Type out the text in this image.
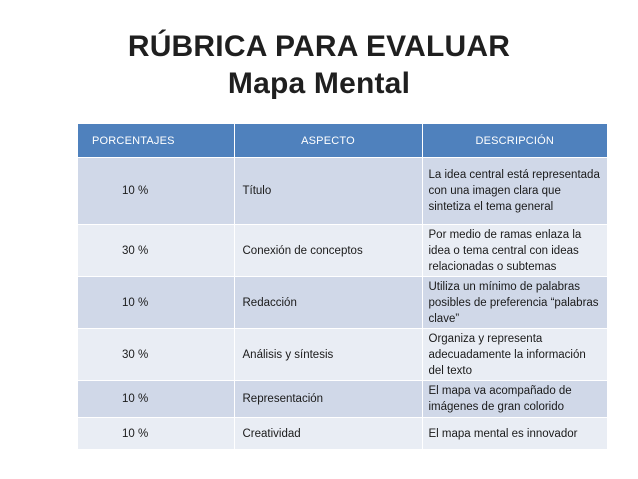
RÚBRICA PARA EVALUAR
Mapa Mental
PORCENTAJES	ASPECTO	DESCRIPCIÓN
10 %	Título	La idea central está representada con una imagen clara que sintetiza el tema general
30 %	Conexión de conceptos	Por medio de ramas enlaza la idea o tema central con ideas relacionadas o subtemas
10 %	Redacción	Utiliza un mínimo de palabras posibles de preferencia “palabras clave”
30 %	Análisis y síntesis	Organiza y representa adecuadamente la información del texto
10 %	Representación	El mapa va acompañado de imágenes de gran colorido
10 %	Creatividad	El mapa mental es innovador
